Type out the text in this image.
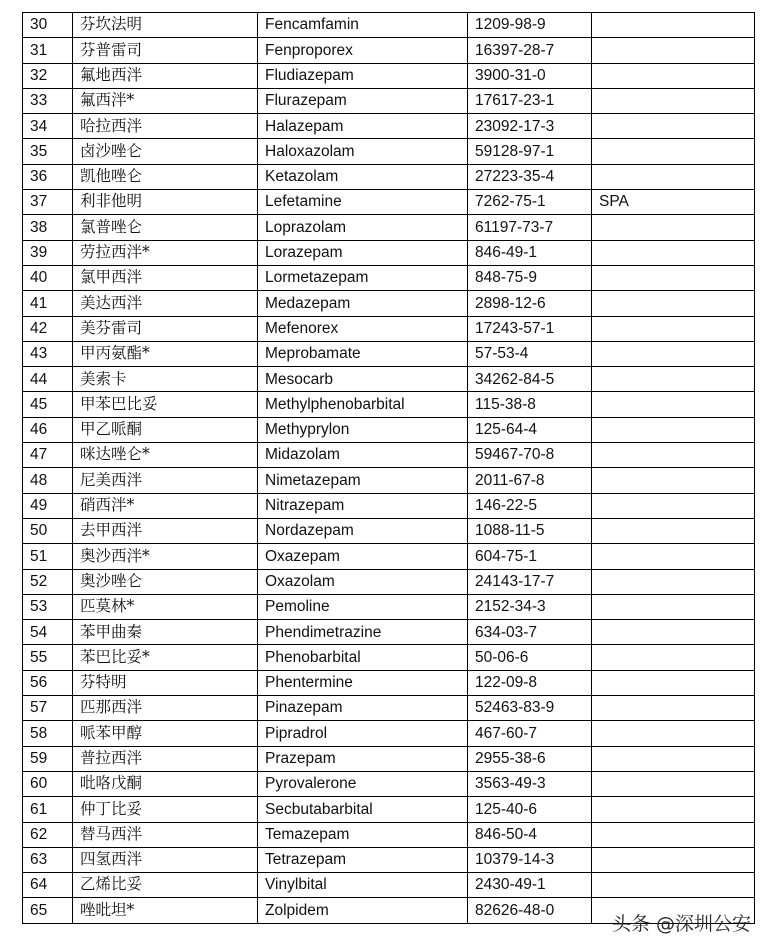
30	芬坎法明	Fencamfamin	1209-98-9	
31	芬普雷司	Fenproporex	16397-28-7	
32	氟地西泮	Fludiazepam	3900-31-0	
33	氟西泮*	Flurazepam	17617-23-1	
34	哈拉西泮	Halazepam	23092-17-3	
35	卤沙唑仑	Haloxazolam	59128-97-1	
36	凯他唑仑	Ketazolam	27223-35-4	
37	利非他明	Lefetamine	7262-75-1	SPA
38	氯普唑仑	Loprazolam	61197-73-7	
39	劳拉西泮*	Lorazepam	846-49-1	
40	氯甲西泮	Lormetazepam	848-75-9	
41	美达西泮	Medazepam	2898-12-6	
42	美芬雷司	Mefenorex	17243-57-1	
43	甲丙氨酯*	Meprobamate	57-53-4	
44	美索卡	Mesocarb	34262-84-5	
45	甲苯巴比妥	Methylphenobarbital	115-38-8	
46	甲乙哌酮	Methyprylon	125-64-4	
47	咪达唑仑*	Midazolam	59467-70-8	
48	尼美西泮	Nimetazepam	2011-67-8	
49	硝西泮*	Nitrazepam	146-22-5	
50	去甲西泮	Nordazepam	1088-11-5	
51	奥沙西泮*	Oxazepam	604-75-1	
52	奥沙唑仑	Oxazolam	24143-17-7	
53	匹莫林*	Pemoline	2152-34-3	
54	苯甲曲秦	Phendimetrazine	634-03-7	
55	苯巴比妥*	Phenobarbital	50-06-6	
56	芬特明	Phentermine	122-09-8	
57	匹那西泮	Pinazepam	52463-83-9	
58	哌苯甲醇	Pipradrol	467-60-7	
59	普拉西泮	Prazepam	2955-38-6	
60	吡咯戊酮	Pyrovalerone	3563-49-3	
61	仲丁比妥	Secbutabarbital	125-40-6	
62	替马西泮	Temazepam	846-50-4	
63	四氢西泮	Tetrazepam	10379-14-3	
64	乙烯比妥	Vinylbital	2430-49-1	
65	唑吡坦*	Zolpidem	82626-48-0	
头条 @深圳公安
